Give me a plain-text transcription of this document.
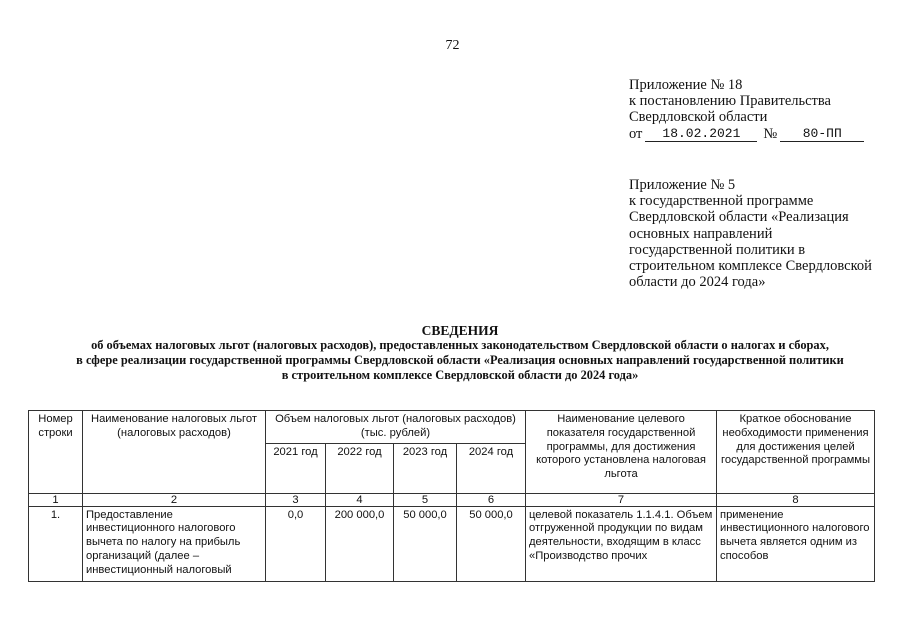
72
Приложение № 18
к постановлению Правительства
Свердловской области
от	18.02.2021	№	80-ПП
Приложение № 5
к государственной программе
Свердловской области «Реализация
основных направлений
государственной политики в
строительном комплексе Свердловской
области до 2024 года»
СВЕДЕНИЯ
об объемах налоговых льгот (налоговых расходов), предоставленных законодательством Свердловской области о налогах и сборах,
в сфере реализации государственной программы Свердловской области «Реализация основных направлений государственной политики
в строительном комплексе Свердловской области до 2024 года»
Номер строки	Наименование налоговых льгот (налоговых расходов)	Объем налоговых льгот (налоговых расходов) (тыс. рублей)				Наименование целевого показателя государственной программы, для достижения которого установлена налоговая льгота	Краткое обоснование необходимости применения для достижения целей государственной программы
		2021 год	2022 год	2023 год	2024 год		
1	2	3	4	5	6	7	8
1.	Предоставление инвестиционного налогового вычета по налогу на прибыль организаций (далее – инвестиционный налоговый	0,0	200 000,0	50 000,0	50 000,0	целевой показатель 1.1.4.1. Объем отгруженной продукции по видам деятельности, входящим в класс «Производство прочих	применение инвестиционного налогового вычета является одним из способов
